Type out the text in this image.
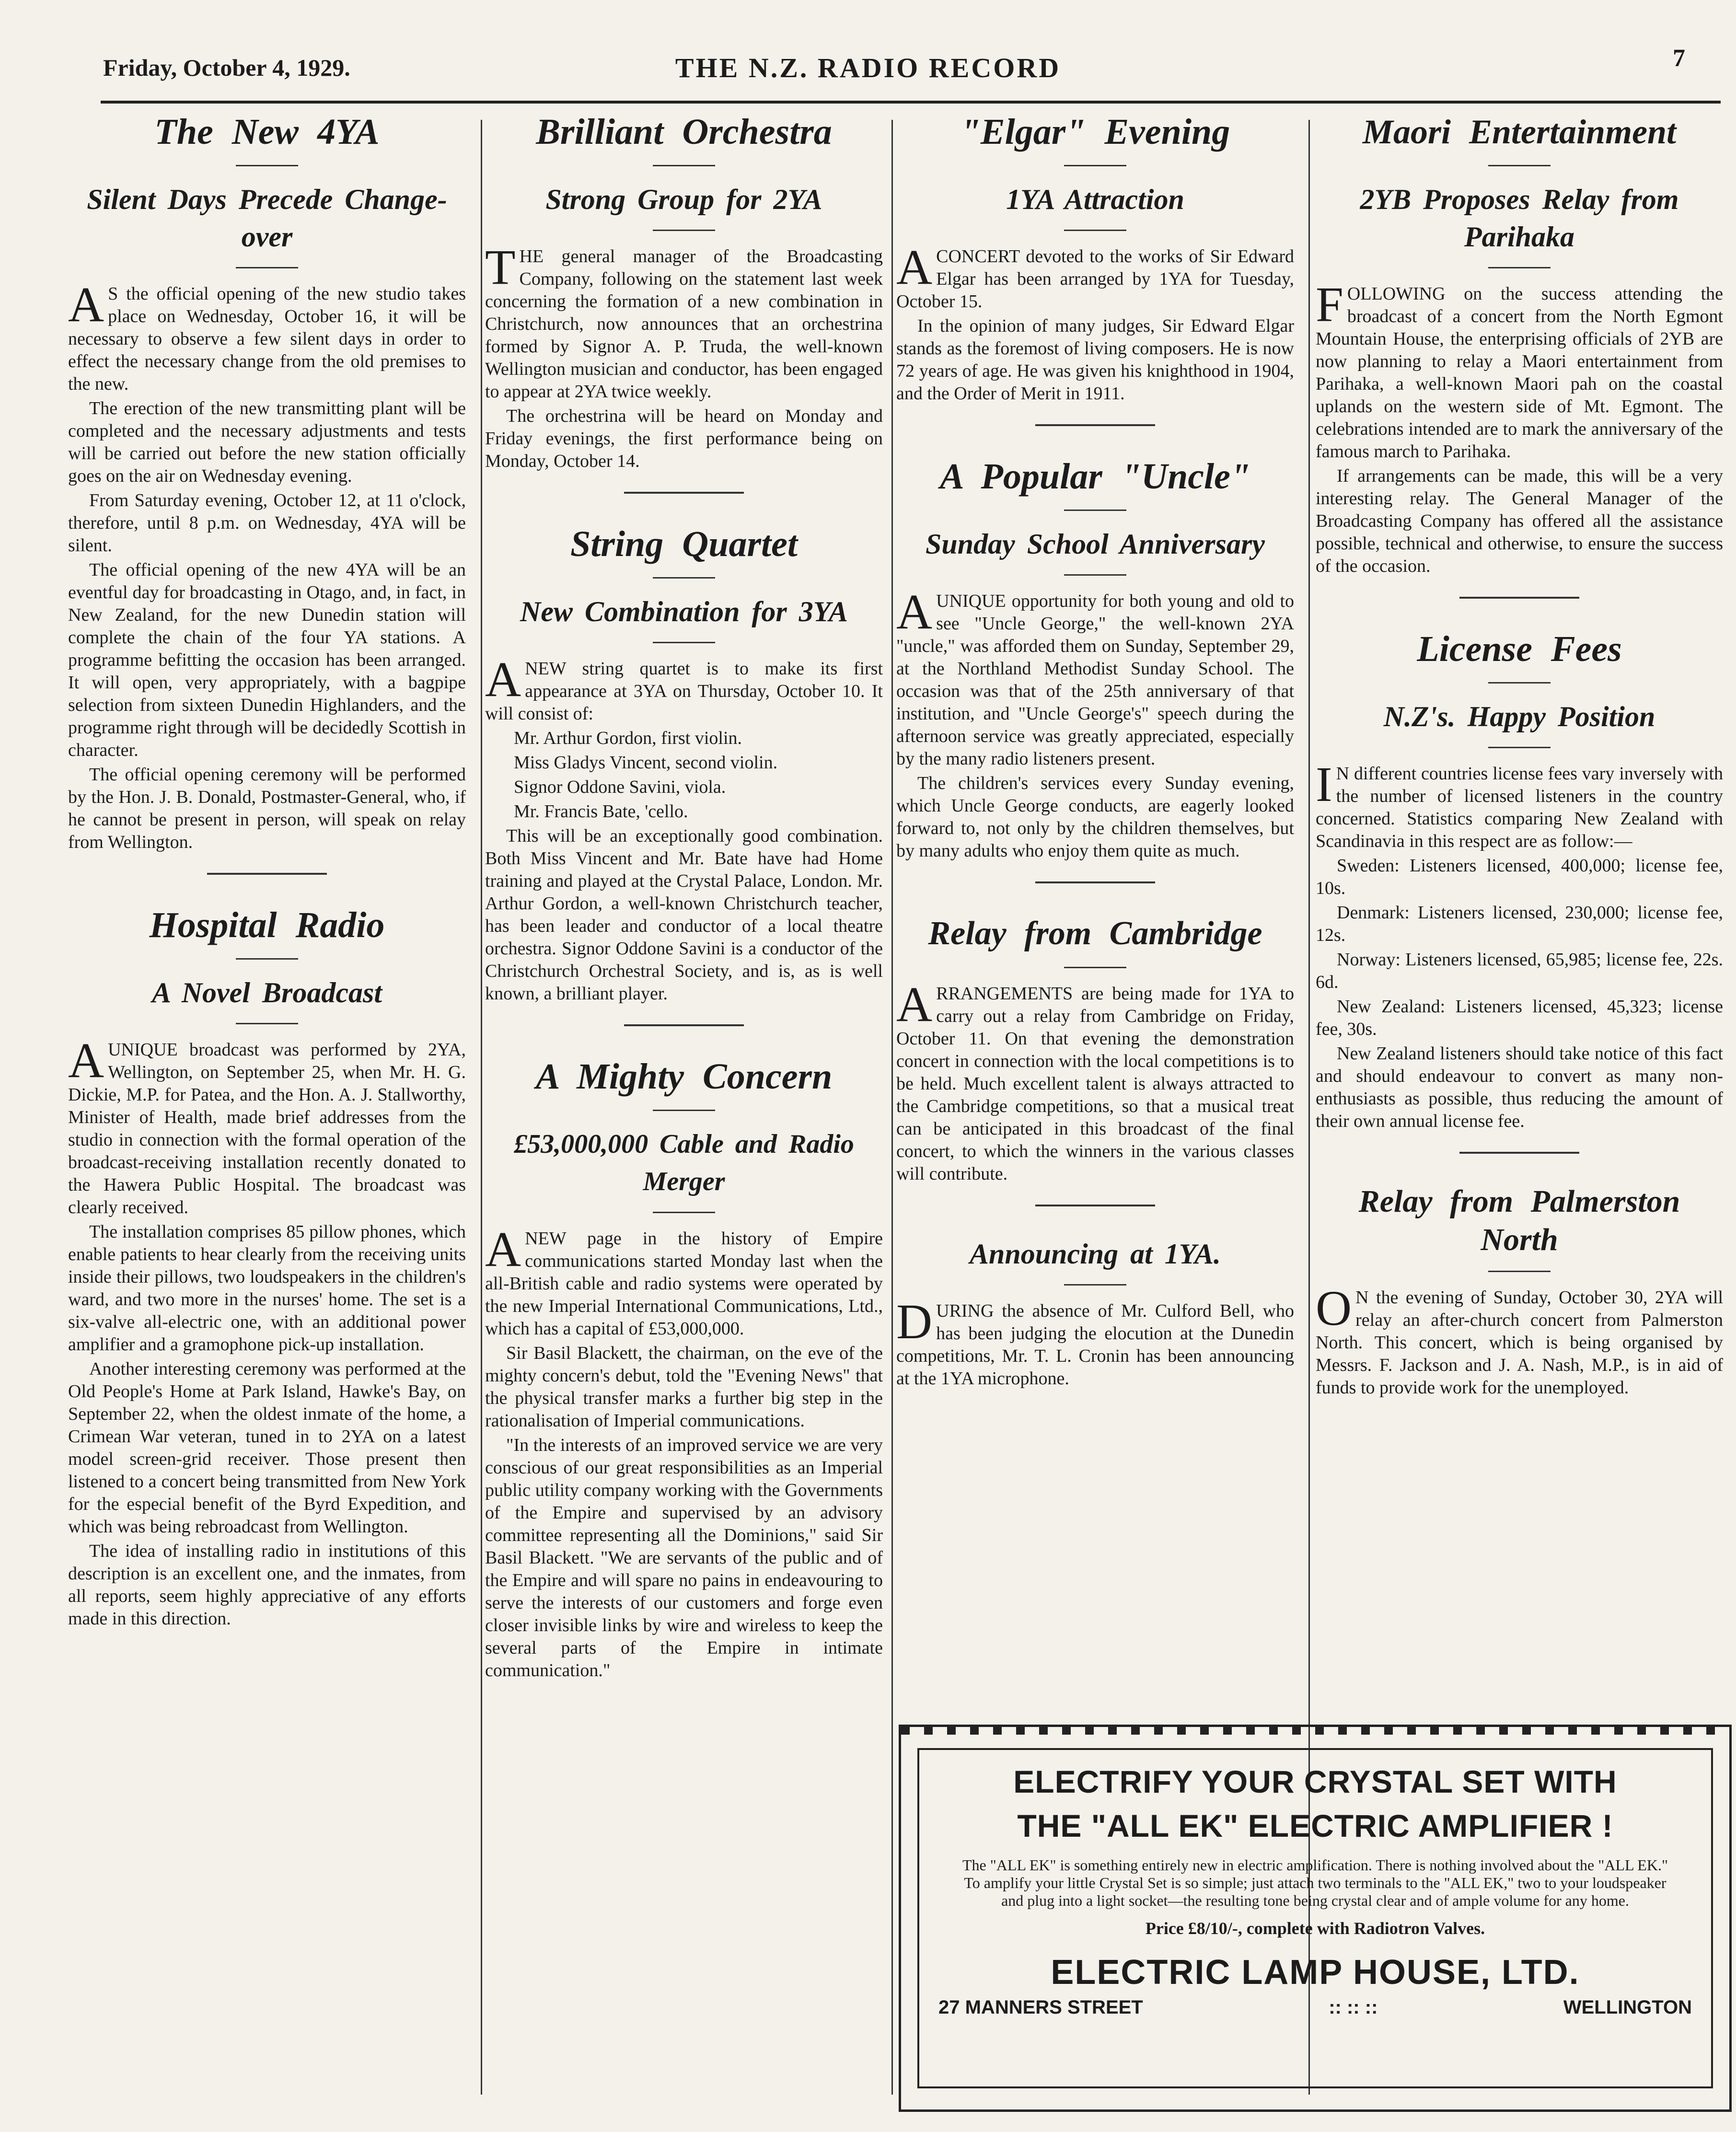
Friday, October 4, 1929.	THE N.Z. RADIO RECORD	7
The New 4YA
Silent Days Precede Change-over

A S the official opening of the new studio takes place on Wednesday, October 16, it will be necessary to observe a few silent days in order to effect the necessary change from the old premises to the new.

The erection of the new transmitting plant will be completed and the necessary adjustments and tests will be carried out before the new station officially goes on the air on Wednesday evening.

From Saturday evening, October 12, at 11 o'clock, therefore, until 8 p.m. on Wednesday, 4YA will be silent.

The official opening of the new 4YA will be an eventful day for broadcasting in Otago, and, in fact, in New Zealand, for the new Dunedin station will complete the chain of the four YA stations. A programme befitting the occasion has been arranged. It will open, very appropriately, with a bagpipe selection from sixteen Dunedin Highlanders, and the programme right through will be decidedly Scottish in character.

The official opening ceremony will be performed by the Hon. J. B. Donald, Postmaster-General, who, if he cannot be present in person, will speak on relay from Wellington.

Hospital Radio
A Novel Broadcast

AUNIQUE broadcast was performed by 2YA, Wellington, on September 25, when Mr. H. G. Dickie, M.P. for Patea, and the Hon. A. J. Stallworthy, Minister of Health, made brief addresses from the studio in connection with the formal operation of the broadcast-receiving installation recently donated to the Hawera Public Hospital. The broadcast was clearly received.

The installation comprises 85 pillow phones, which enable patients to hear clearly from the receiving units inside their pillows, two loudspeakers in the children's ward, and two more in the nurses' home. The set is a six-valve all-electric one, with an additional power amplifier and a gramophone pick-up installation.

Another interesting ceremony was performed at the Old People's Home at Park Island, Hawke's Bay, on September 22, when the oldest inmate of the home, a Crimean War veteran, tuned in to 2YA on a latest model screen-grid receiver. Those present then listened to a concert being transmitted from New York for the especial benefit of the Byrd Expedition, and which was being rebroadcast from Wellington.

The idea of installing radio in institutions of this description is an excellent one, and the inmates, from all reports, seem highly appreciative of any efforts made in this direction.

Brilliant Orchestra
Strong Group for 2YA

THE general manager of the Broadcasting Company, following on the statement last week concerning the formation of a new combination in Christchurch, now announces that an orchestrina formed by Signor A. P. Truda, the well-known Wellington musician and conductor, has been engaged to appear at 2YA twice weekly.

The orchestrina will be heard on Monday and Friday evenings, the first performance being on Monday, October 14.

String Quartet
New Combination for 3YA

ANEW string quartet is to make its first appearance at 3YA on Thursday, October 10. It will consist of:

Mr. Arthur Gordon, first violin.

Miss Gladys Vincent, second violin.

Signor Oddone Savini, viola.

Mr. Francis Bate, 'cello.

This will be an exceptionally good combination. Both Miss Vincent and Mr. Bate have had Home training and played at the Crystal Palace, London. Mr. Arthur Gordon, a well-known Christchurch teacher, has been leader and conductor of a local theatre orchestra. Signor Oddone Savini is a conductor of the Christchurch Orchestral Society, and is, as is well known, a brilliant player.

A Mighty Concern
£53,000,000 Cable and Radio Merger

ANEW page in the history of Empire communications started Monday last when the all-British cable and radio systems were operated by the new Imperial International Communications, Ltd., which has a capital of £53,000,000.

Sir Basil Blackett, the chairman, on the eve of the mighty concern's debut, told the "Evening News" that the physical transfer marks a further big step in the rationalisation of Imperial communications.

"In the interests of an improved service we are very conscious of our great responsibilities as an Imperial public utility company working with the Governments of the Empire and supervised by an advisory committee representing all the Dominions," said Sir Basil Blackett. "We are servants of the public and of the Empire and will spare no pains in endeavouring to serve the interests of our customers and forge even closer invisible links by wire and wireless to keep the several parts of the Empire in intimate communication."

"Elgar" Evening
1YA Attraction

ACONCERT devoted to the works of Sir Edward Elgar has been arranged by 1YA for Tuesday, October 15.

In the opinion of many judges, Sir Edward Elgar stands as the foremost of living composers. He is now 72 years of age. He was given his knighthood in 1904, and the Order of Merit in 1911.

A Popular "Uncle"
Sunday School Anniversary

AUNIQUE opportunity for both young and old to see "Uncle George," the well-known 2YA "uncle," was afforded them on Sunday, September 29, at the Northland Methodist Sunday School. The occasion was that of the 25th anniversary of that institution, and "Uncle George's" speech during the afternoon service was greatly appreciated, especially by the many radio listeners present.

The children's services every Sunday evening, which Uncle George conducts, are eagerly looked forward to, not only by the children themselves, but by many adults who enjoy them quite as much.

Relay from Cambridge

ARRANGEMENTS are being made for 1YA to carry out a relay from Cambridge on Friday, October 11. On that evening the demonstration concert in connection with the local competitions is to be held. Much excellent talent is always attracted to the Cambridge competitions, so that a musical treat can be anticipated in this broadcast of the final concert, to which the winners in the various classes will contribute.

Announcing at 1YA.

DURING the absence of Mr. Culford Bell, who has been judging the elocution at the Dunedin competitions, Mr. T. L. Cronin has been announcing at the 1YA microphone.

Maori Entertainment
2YB Proposes Relay from Parihaka

FOLLOWING on the success attending the broadcast of a concert from the North Egmont Mountain House, the enterprising officials of 2YB are now planning to relay a Maori entertainment from Parihaka, a well-known Maori pah on the coastal uplands on the western side of Mt. Egmont. The celebrations intended are to mark the anniversary of the famous march to Parihaka.

If arrangements can be made, this will be a very interesting relay. The General Manager of the Broadcasting Company has offered all the assistance possible, technical and otherwise, to ensure the success of the occasion.

License Fees
N.Z's. Happy Position

I N different countries license fees vary inversely with the number of licensed listeners in the country concerned. Statistics comparing New Zealand with Scandinavia in this respect are as follow:—

Sweden: Listeners licensed, 400,000; license fee, 10s.

Denmark: Listeners licensed, 230,000; license fee, 12s.

Norway: Listeners licensed, 65,985; license fee, 22s. 6d.

New Zealand: Listeners licensed, 45,323; license fee, 30s.

New Zealand listeners should take notice of this fact and should endeavour to convert as many non-enthusiasts as possible, thus reducing the amount of their own annual license fee.

Relay from Palmerston North

O N the evening of Sunday, October 30, 2YA will relay an after-church concert from Palmerston North. This concert, which is being organised by Messrs. F. Jackson and J. A. Nash, M.P., is in aid of funds to provide work for the unemployed.

ELECTRIFY YOUR CRYSTAL SET WITH
THE "ALL EK" ELECTRIC AMPLIFIER !
The "ALL EK" is something entirely new in electric amplification. There is nothing involved about the "ALL EK." To amplify your little Crystal Set is so simple; just attach two terminals to the "ALL EK," two to your loudspeaker and plug into a light socket—the resulting tone being crystal clear and of ample volume for any home.
Price £8/10/-, complete with Radiotron Valves.
ELECTRIC LAMP HOUSE, LTD.
27 MANNERS STREET	:: :: ::	WELLINGTON
